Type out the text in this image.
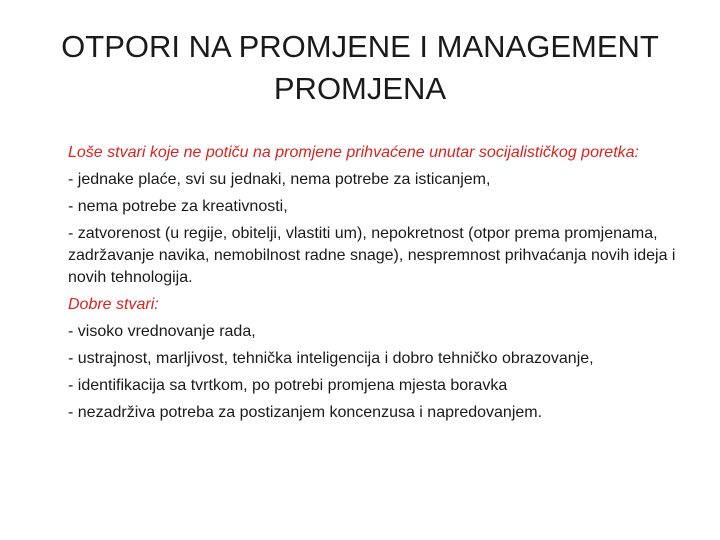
OTPORI NA PROMJENE I MANAGEMENT
PROMJENA
Loše stvari koje ne potiču na promjene prihvaćene unutar socijalističkog poretka:
- jednake plaće, svi su jednaki, nema potrebe za isticanjem,
- nema potrebe za kreativnosti,
- zatvorenost (u regije, obitelji, vlastiti um), nepokretnost (otpor prema promjenama, zadržavanje navika, nemobilnost radne snage), nespremnost prihvaćanja novih ideja i novih tehnologija.
Dobre stvari:
- visoko vrednovanje rada,
- ustrajnost, marljivost, tehnička inteligencija i dobro tehničko obrazovanje,
- identifikacija sa tvrtkom, po potrebi promjena mjesta boravka
- nezadrživa potreba za postizanjem koncenzusa i napredovanjem.
